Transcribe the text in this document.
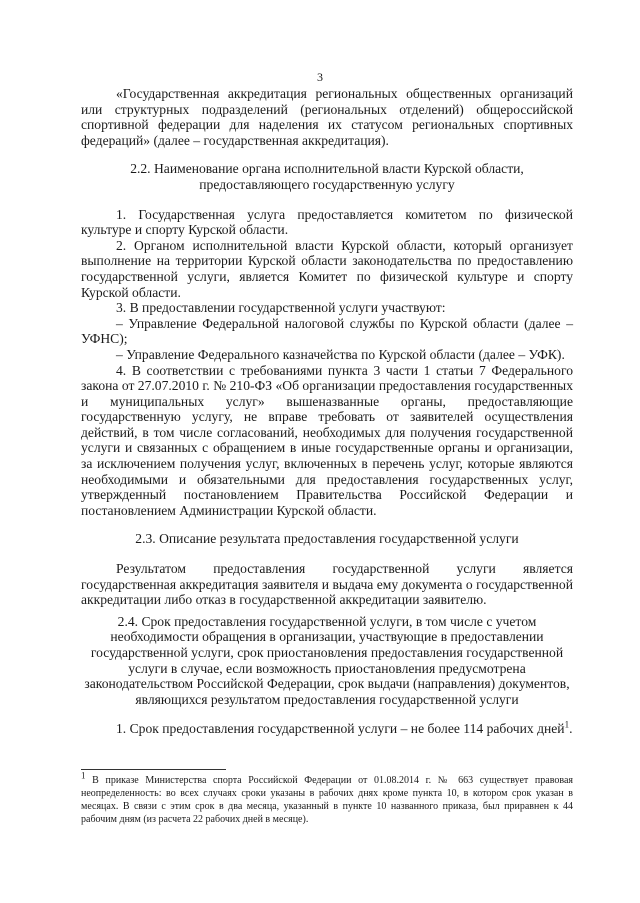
3

«Государственная аккредитация региональных общественных организаций или структурных подразделений (региональных отделений) общероссийской спортивной федерации для наделения их статусом региональных спортивных федераций» (далее – государственная аккредитация).

2.2. Наименование органа исполнительной власти Курской области, предоставляющего государственную услугу

1. Государственная услуга предоставляется комитетом по физической культуре и спорту Курской области.

2. Органом исполнительной власти Курской области, который организует выполнение на территории Курской области законодательства по предоставлению государственной услуги, является Комитет по физической культуре и спорту Курской области.

3. В предоставлении государственной услуги участвуют:

– Управление Федеральной налоговой службы по Курской области (далее – УФНС);

– Управление Федерального казначейства по Курской области (далее – УФК).

4. В соответствии с требованиями пункта 3 части 1 статьи 7 Федерального закона от 27.07.2010 г. № 210-ФЗ «Об организации предоставления государственных и муниципальных услуг» вышеназванные органы, предоставляющие государственную услугу, не вправе требовать от заявителей осуществления действий, в том числе согласований, необходимых для получения государственной услуги и связанных с обращением в иные государственные органы и организации, за исключением получения услуг, включенных в перечень услуг, которые являются необходимыми и обязательными для предоставления государственных услуг, утвержденный постановлением Правительства Российской Федерации и постановлением Администрации Курской области.

2.3. Описание результата предоставления государственной услуги

Результатом предоставления государственной услуги является государственная аккредитация заявителя и выдача ему документа о государственной аккредитации либо отказ в государственной аккредитации заявителю.

2.4. Срок предоставления государственной услуги, в том числе с учетом необходимости обращения в организации, участвующие в предоставлении государственной услуги, срок приостановления предоставления государственной услуги в случае, если возможность приостановления предусмотрена законодательством Российской Федерации, срок выдачи (направления) документов, являющихся результатом предоставления государственной услуги

1. Срок предоставления государственной услуги – не более 114 рабочих дней$^1$.

$^1$ В приказе Министерства спорта Российской Федерации от 01.08.2014 г. № 663 существует правовая неопределенность: во всех случаях сроки указаны в рабочих днях кроме пункта 10, в котором срок указан в месяцах. В связи с этим срок в два месяца, указанный в пункте 10 названного приказа, был приравнен к 44 рабочим дням (из расчета 22 рабочих дней в месяце).
